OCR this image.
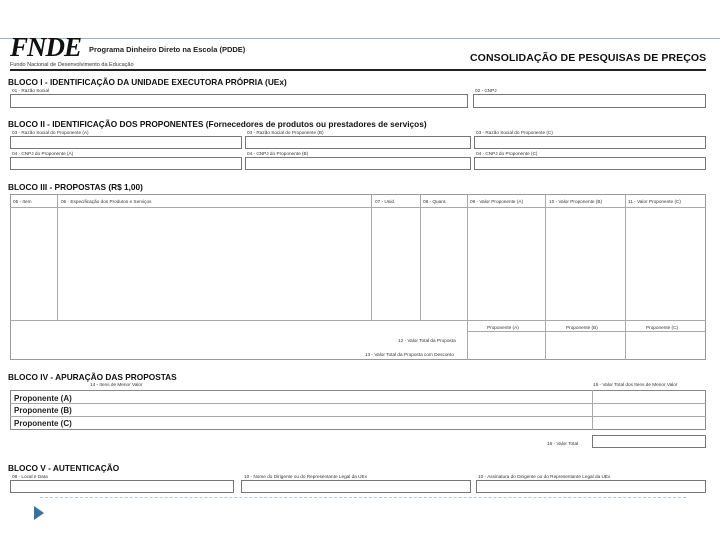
FNDE
Fundo Nacional de Desenvolvimento da Educação
Programa Dinheiro Direto na Escola (PDDE)
CONSOLIDAÇÃO DE PESQUISAS DE PREÇOS
BLOCO I - IDENTIFICAÇÃO DA UNIDADE EXECUTORA PRÓPRIA (UEx)
01 - Razão Social	02 - CNPJ
BLOCO II - IDENTIFICAÇÃO DOS PROPONENTES (Fornecedores de produtos ou prestadores de serviços)
03 - Razão Social do Proponente (A)	03 - Razão Social do Proponente (B)	03 - Razão Social do Proponente (C)
04 - CNPJ do Proponente (A)	04 - CNPJ do Proponente (B)	04 - CNPJ do Proponente (C)
BLOCO III - PROPOSTAS (R$ 1,00)
05 - Item	06 - Especificação dos Produtos e Serviços	07 - Unid.	08 - Quant.	09 - Valor Proponente (A)	10 - Valor Proponente (B)	11 - Valor Proponente (C)
Proponente (A)	Proponente (B)	Proponente (C)
12 - Valor Total da Proposta
13 - Valor Total da Proposta com Desconto
BLOCO IV - APURAÇÃO DAS PROPOSTAS
14 - Itens de Menor Valor	15 - Valor Total dos Itens de Menor Valor
Proponente (A)
Proponente (B)
Proponente (C)
16 - Valor Total
BLOCO V - AUTENTICAÇÃO
08 - Local e Data	10 - Nome do Dirigente ou do Representante Legal da UEx	10 - Assinatura do Dirigente ou do Representante Legal da UEx
